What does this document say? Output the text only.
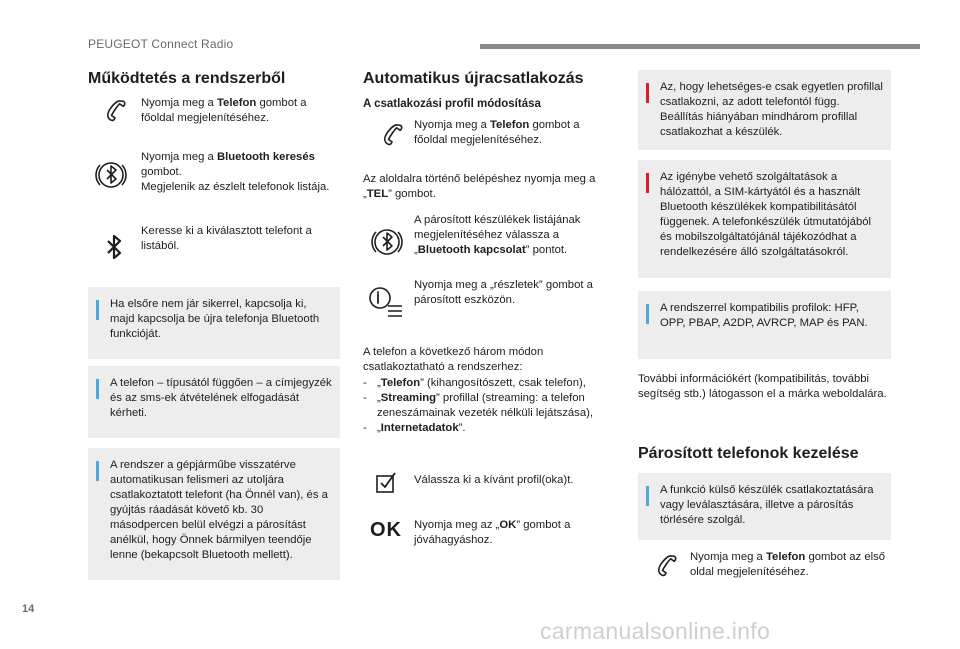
PEUGEOT Connect Radio
Működtetés a rendszerből
Nyomja meg a Telefon gombot a főoldal megjelenítéséhez.
Nyomja meg a Bluetooth keresés
gombot.
Megjelenik az észlelt telefonok listája.
Keresse ki a kiválasztott telefont a listából.
Ha elsőre nem jár sikerrel, kapcsolja ki, majd kapcsolja be újra telefonja Bluetooth funkcióját.
A telefon – típusától függően – a címjegyzék és az sms-ek átvételének elfogadását kérheti.
A rendszer a gépjárműbe visszatérve automatikusan felismeri az utoljára csatlakoztatott telefont (ha Önnél van), és a gyújtás ráadását követő kb. 30 másodpercen belül elvégzi a párosítást anélkül, hogy Önnek bármilyen teendője lenne (bekapcsolt Bluetooth mellett).
Automatikus újracsatlakozás
A csatlakozási profil módosítása
Nyomja meg a Telefon gombot a főoldal megjelenítéséhez.
Az aloldalra történő belépéshez nyomja meg a „TEL” gombot.
A párosított készülékek listájának megjelenítéséhez válassza a „Bluetooth kapcsolat” pontot.
Nyomja meg a „részletek” gombot a párosított eszközön.
A telefon a következő három módon csatlakoztatható a rendszerhez:
- „Telefon” (kihangosítószett, csak telefon),
- „Streaming” profillal (streaming: a telefon zeneszámainak vezeték nélküli lejátszása),
- „Internetadatok”.
Válassza ki a kívánt profil(oka)t.
OK Nyomja meg az „OK” gombot a jóváhagyáshoz.
Az, hogy lehetséges-e csak egyetlen profillal csatlakozni, az adott telefontól függ. Beállítás hiányában mindhárom profillal csatlakozhat a készülék.
Az igénybe vehető szolgáltatások a hálózattól, a SIM-kártyától és a használt Bluetooth készülékek kompatibilitásától függenek. A telefonkészülék útmutatójából és mobilszolgáltatójánál tájékozódhat a rendelkezésére álló szolgáltatásokról.
A rendszerrel kompatibilis profilok: HFP, OPP, PBAP, A2DP, AVRCP, MAP és PAN.
További információkért (kompatibilitás, további segítség stb.) látogasson el a márka weboldalára.
Párosított telefonok kezelése
A funkció külső készülék csatlakoztatására vagy leválasztására, illetve a párosítás törlésére szolgál.
Nyomja meg a Telefon gombot az első oldal megjelenítéséhez.
14
carmanualsonline.info
